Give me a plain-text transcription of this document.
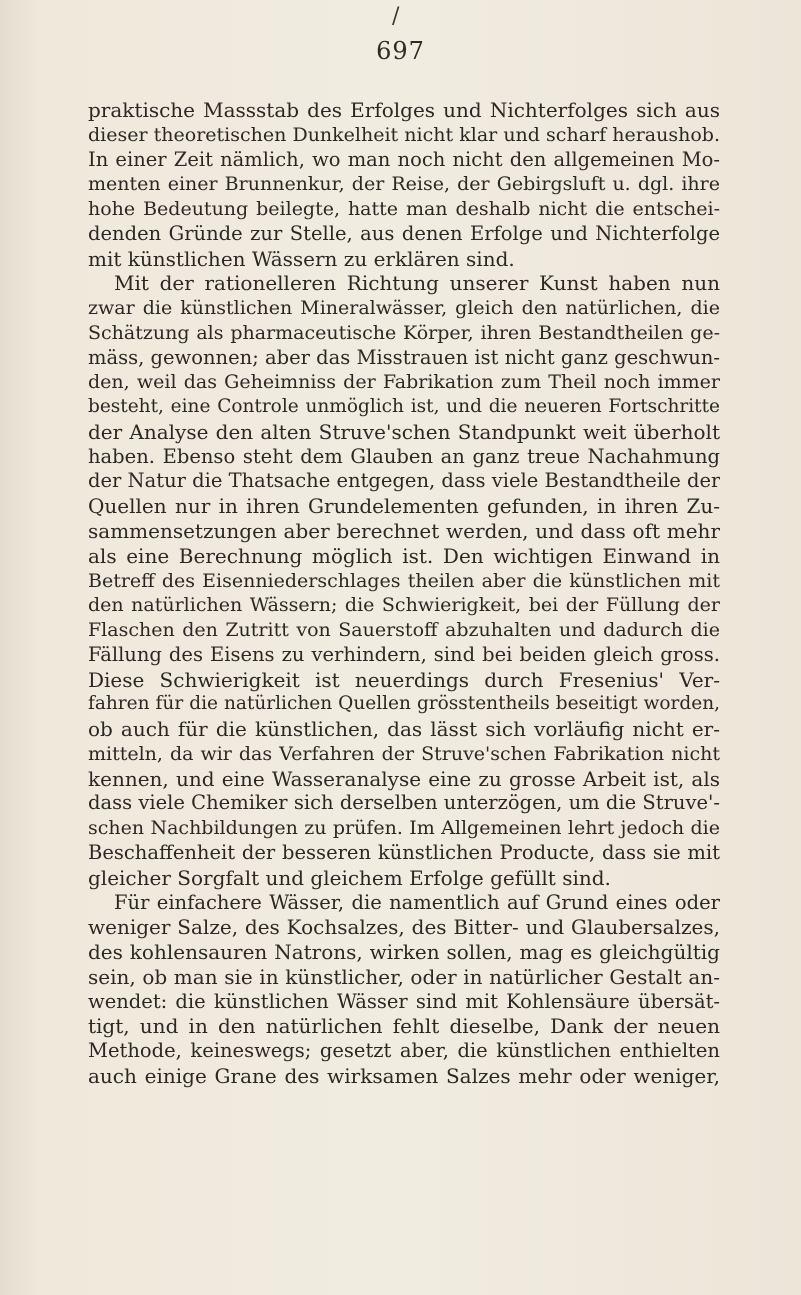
/
697
praktische Massstab des Erfolges und Nichterfolges sich aus
dieser theoretischen Dunkelheit nicht klar und scharf heraushob.
In einer Zeit nämlich, wo man noch nicht den allgemeinen Mo-
menten einer Brunnenkur, der Reise, der Gebirgsluft u. dgl. ihre
hohe Bedeutung beilegte, hatte man deshalb nicht die entschei-
denden Gründe zur Stelle, aus denen Erfolge und Nichterfolge
mit künstlichen Wässern zu erklären sind.
Mit der rationelleren Richtung unserer Kunst haben nun
zwar die künstlichen Mineralwässer, gleich den natürlichen, die
Schätzung als pharmaceutische Körper, ihren Bestandtheilen ge-
mäss, gewonnen; aber das Misstrauen ist nicht ganz geschwun-
den, weil das Geheimniss der Fabrikation zum Theil noch immer
besteht, eine Controle unmöglich ist, und die neueren Fortschritte
der Analyse den alten Struve'schen Standpunkt weit überholt
haben. Ebenso steht dem Glauben an ganz treue Nachahmung
der Natur die Thatsache entgegen, dass viele Bestandtheile der
Quellen nur in ihren Grundelementen gefunden, in ihren Zu-
sammensetzungen aber berechnet werden, und dass oft mehr
als eine Berechnung möglich ist. Den wichtigen Einwand in
Betreff des Eisenniederschlages theilen aber die künstlichen mit
den natürlichen Wässern; die Schwierigkeit, bei der Füllung der
Flaschen den Zutritt von Sauerstoff abzuhalten und dadurch die
Fällung des Eisens zu verhindern, sind bei beiden gleich gross.
Diese Schwierigkeit ist neuerdings durch Fresenius' Ver-
fahren für die natürlichen Quellen grösstentheils beseitigt worden,
ob auch für die künstlichen, das lässt sich vorläufig nicht er-
mitteln, da wir das Verfahren der Struve'schen Fabrikation nicht
kennen, und eine Wasseranalyse eine zu grosse Arbeit ist, als
dass viele Chemiker sich derselben unterzögen, um die Struve'-
schen Nachbildungen zu prüfen. Im Allgemeinen lehrt jedoch die
Beschaffenheit der besseren künstlichen Producte, dass sie mit
gleicher Sorgfalt und gleichem Erfolge gefüllt sind.
Für einfachere Wässer, die namentlich auf Grund eines oder
weniger Salze, des Kochsalzes, des Bitter- und Glaubersalzes,
des kohlensauren Natrons, wirken sollen, mag es gleichgültig
sein, ob man sie in künstlicher, oder in natürlicher Gestalt an-
wendet: die künstlichen Wässer sind mit Kohlensäure übersät-
tigt, und in den natürlichen fehlt dieselbe, Dank der neuen
Methode, keineswegs; gesetzt aber, die künstlichen enthielten
auch einige Grane des wirksamen Salzes mehr oder weniger,
